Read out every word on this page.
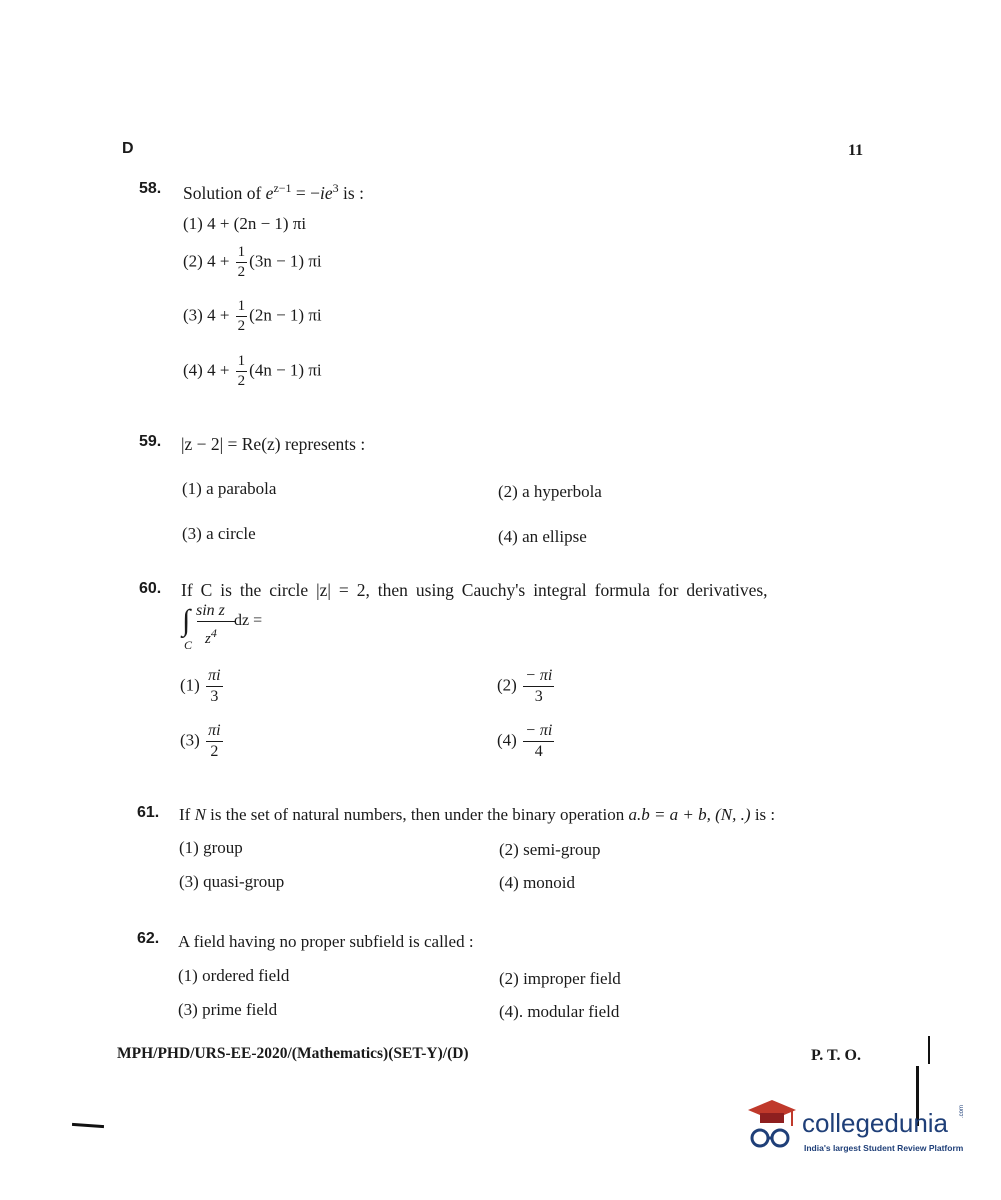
D	11
58. Solution of $e^{z-1} = -ie^3$ is :
(1) 4 + (2n − 1) πi
(2) $4 + \frac{1}{2} (3n - 1)$ πi
(3) $4 + \frac{1}{2} (2n - 1)$ πi
(4) $4 + \frac{1}{2} (4n - 1)$ πi
59. |z − 2| = Re(z) represents :
(1) a parabola	(2) a hyperbola
(3) a circle	(4) an ellipse
60. If C is the circle |z| = 2, then using Cauchy's integral formula for derivatives,
∫
C
sin z
$z^4$
dz =
$(1) \frac{\pi i}{3}$	$(2) \frac{- \pi i}{3}$
$(3) \frac{\pi i}{2}$	$(4) \frac{- \pi i}{4}$
61. If N is the set of natural numbers, then under the binary operation a.b = a + b, (N, .) is :
(1) group	(2) semi-group
(3) quasi-group	(4) monoid
62. A field having no proper subfield is called :
(1) ordered field	(2) improper field
(3) prime field	(4). modular field
MPH/PHD/URS-EE-2020/(Mathematics)(SET-Y)/(D)	P. T. O.
collegedunia .com
India's largest Student Review Platform
